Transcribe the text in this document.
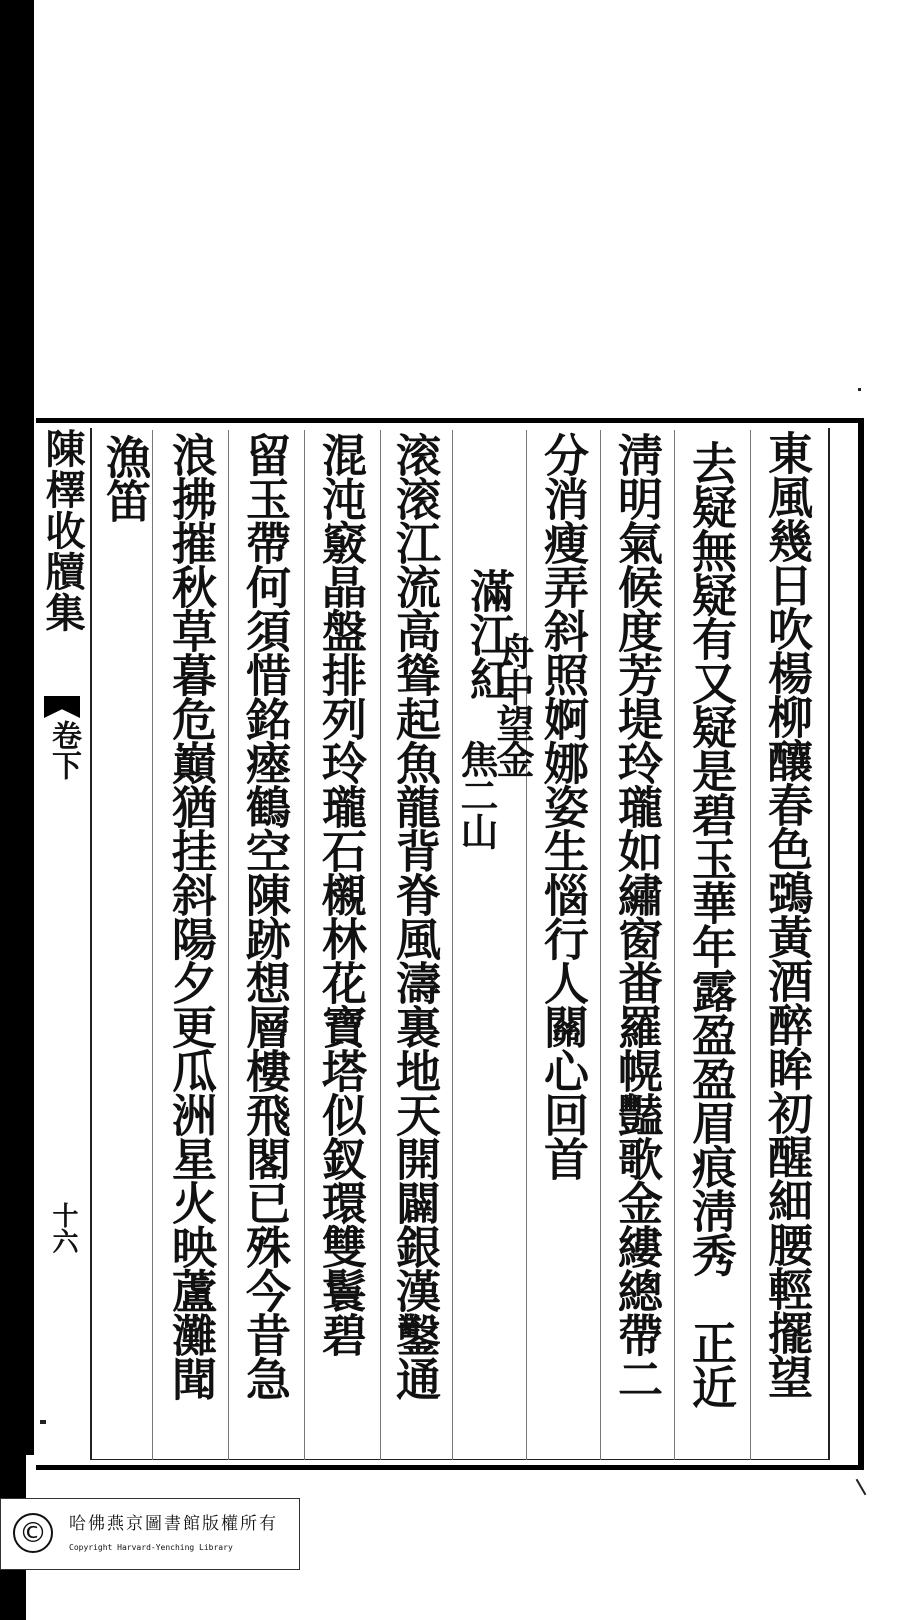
陳檡收牘集
卷下
十六	東風幾日吹楊柳釀春色鵶黃酒醉眸初醒細腰輕擺望
去疑無疑有又疑是碧玉華年露盈盈眉痕淸秀　正近
淸明氣候度芳堤玲瓏如繡窗畨羅幌豔歌金縷總帶二
分消瘦弄斜照婀娜姿生惱行人關心回首
滿江紅
舟中望金
焦二山
滚滚江流高聳起魚龍背脊風濤裏地天開闢銀漢鑿通
混沌竅晶盤排列玲瓏石櫬林花寶塔似釵環雙鬟碧
留玉帶何須惜銘瘞鶴空陳跡想層樓飛閣已殊今昔急
浪拂摧秋草暮危巔猶挂斜陽夕更瓜洲星火映蘆灘聞
漁笛
©	哈佛燕京圖書館版權所有
Copyright Harvard-Yenching Library
